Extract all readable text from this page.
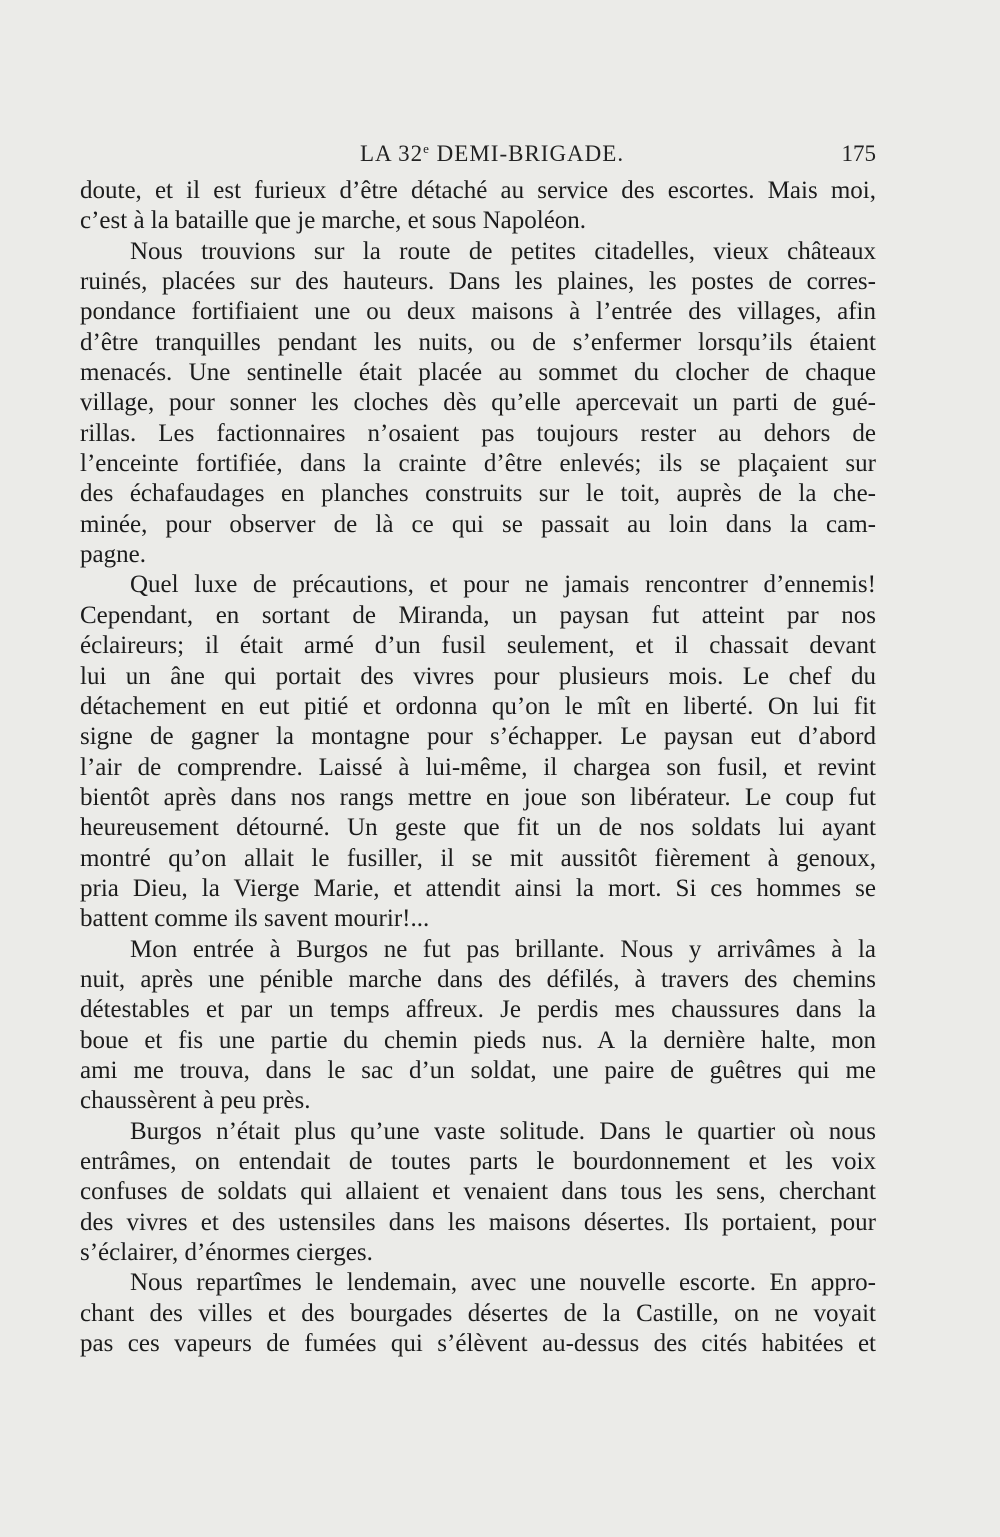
LA 32e DEMI-BRIGADE.	175
doute, et il est furieux d’être détaché au service des escortes. Mais moi,
c’est à la bataille que je marche, et sous Napoléon.
Nous trouvions sur la route de petites citadelles, vieux châteaux
ruinés, placées sur des hauteurs. Dans les plaines, les postes de corres-
pondance fortifiaient une ou deux maisons à l’entrée des villages, afin
d’être tranquilles pendant les nuits, ou de s’enfermer lorsqu’ils étaient
menacés. Une sentinelle était placée au sommet du clocher de chaque
village, pour sonner les cloches dès qu’elle apercevait un parti de gué-
rillas. Les factionnaires n’osaient pas toujours rester au dehors de
l’enceinte fortifiée, dans la crainte d’être enlevés; ils se plaçaient sur
des échafaudages en planches construits sur le toit, auprès de la che-
minée, pour observer de là ce qui se passait au loin dans la cam-
pagne.
Quel luxe de précautions, et pour ne jamais rencontrer d’ennemis!
Cependant, en sortant de Miranda, un paysan fut atteint par nos
éclaireurs; il était armé d’un fusil seulement, et il chassait devant
lui un âne qui portait des vivres pour plusieurs mois. Le chef du
détachement en eut pitié et ordonna qu’on le mît en liberté. On lui fit
signe de gagner la montagne pour s’échapper. Le paysan eut d’abord
l’air de comprendre. Laissé à lui-même, il chargea son fusil, et revint
bientôt après dans nos rangs mettre en joue son libérateur. Le coup fut
heureusement détourné. Un geste que fit un de nos soldats lui ayant
montré qu’on allait le fusiller, il se mit aussitôt fièrement à genoux,
pria Dieu, la Vierge Marie, et attendit ainsi la mort. Si ces hommes se
battent comme ils savent mourir!...
Mon entrée à Burgos ne fut pas brillante. Nous y arrivâmes à la
nuit, après une pénible marche dans des défilés, à travers des chemins
détestables et par un temps affreux. Je perdis mes chaussures dans la
boue et fis une partie du chemin pieds nus. A la dernière halte, mon
ami me trouva, dans le sac d’un soldat, une paire de guêtres qui me
chaussèrent à peu près.
Burgos n’était plus qu’une vaste solitude. Dans le quartier où nous
entrâmes, on entendait de toutes parts le bourdonnement et les voix
confuses de soldats qui allaient et venaient dans tous les sens, cherchant
des vivres et des ustensiles dans les maisons désertes. Ils portaient, pour
s’éclairer, d’énormes cierges.
Nous repartîmes le lendemain, avec une nouvelle escorte. En appro-
chant des villes et des bourgades désertes de la Castille, on ne voyait
pas ces vapeurs de fumées qui s’élèvent au-dessus des cités habitées et
